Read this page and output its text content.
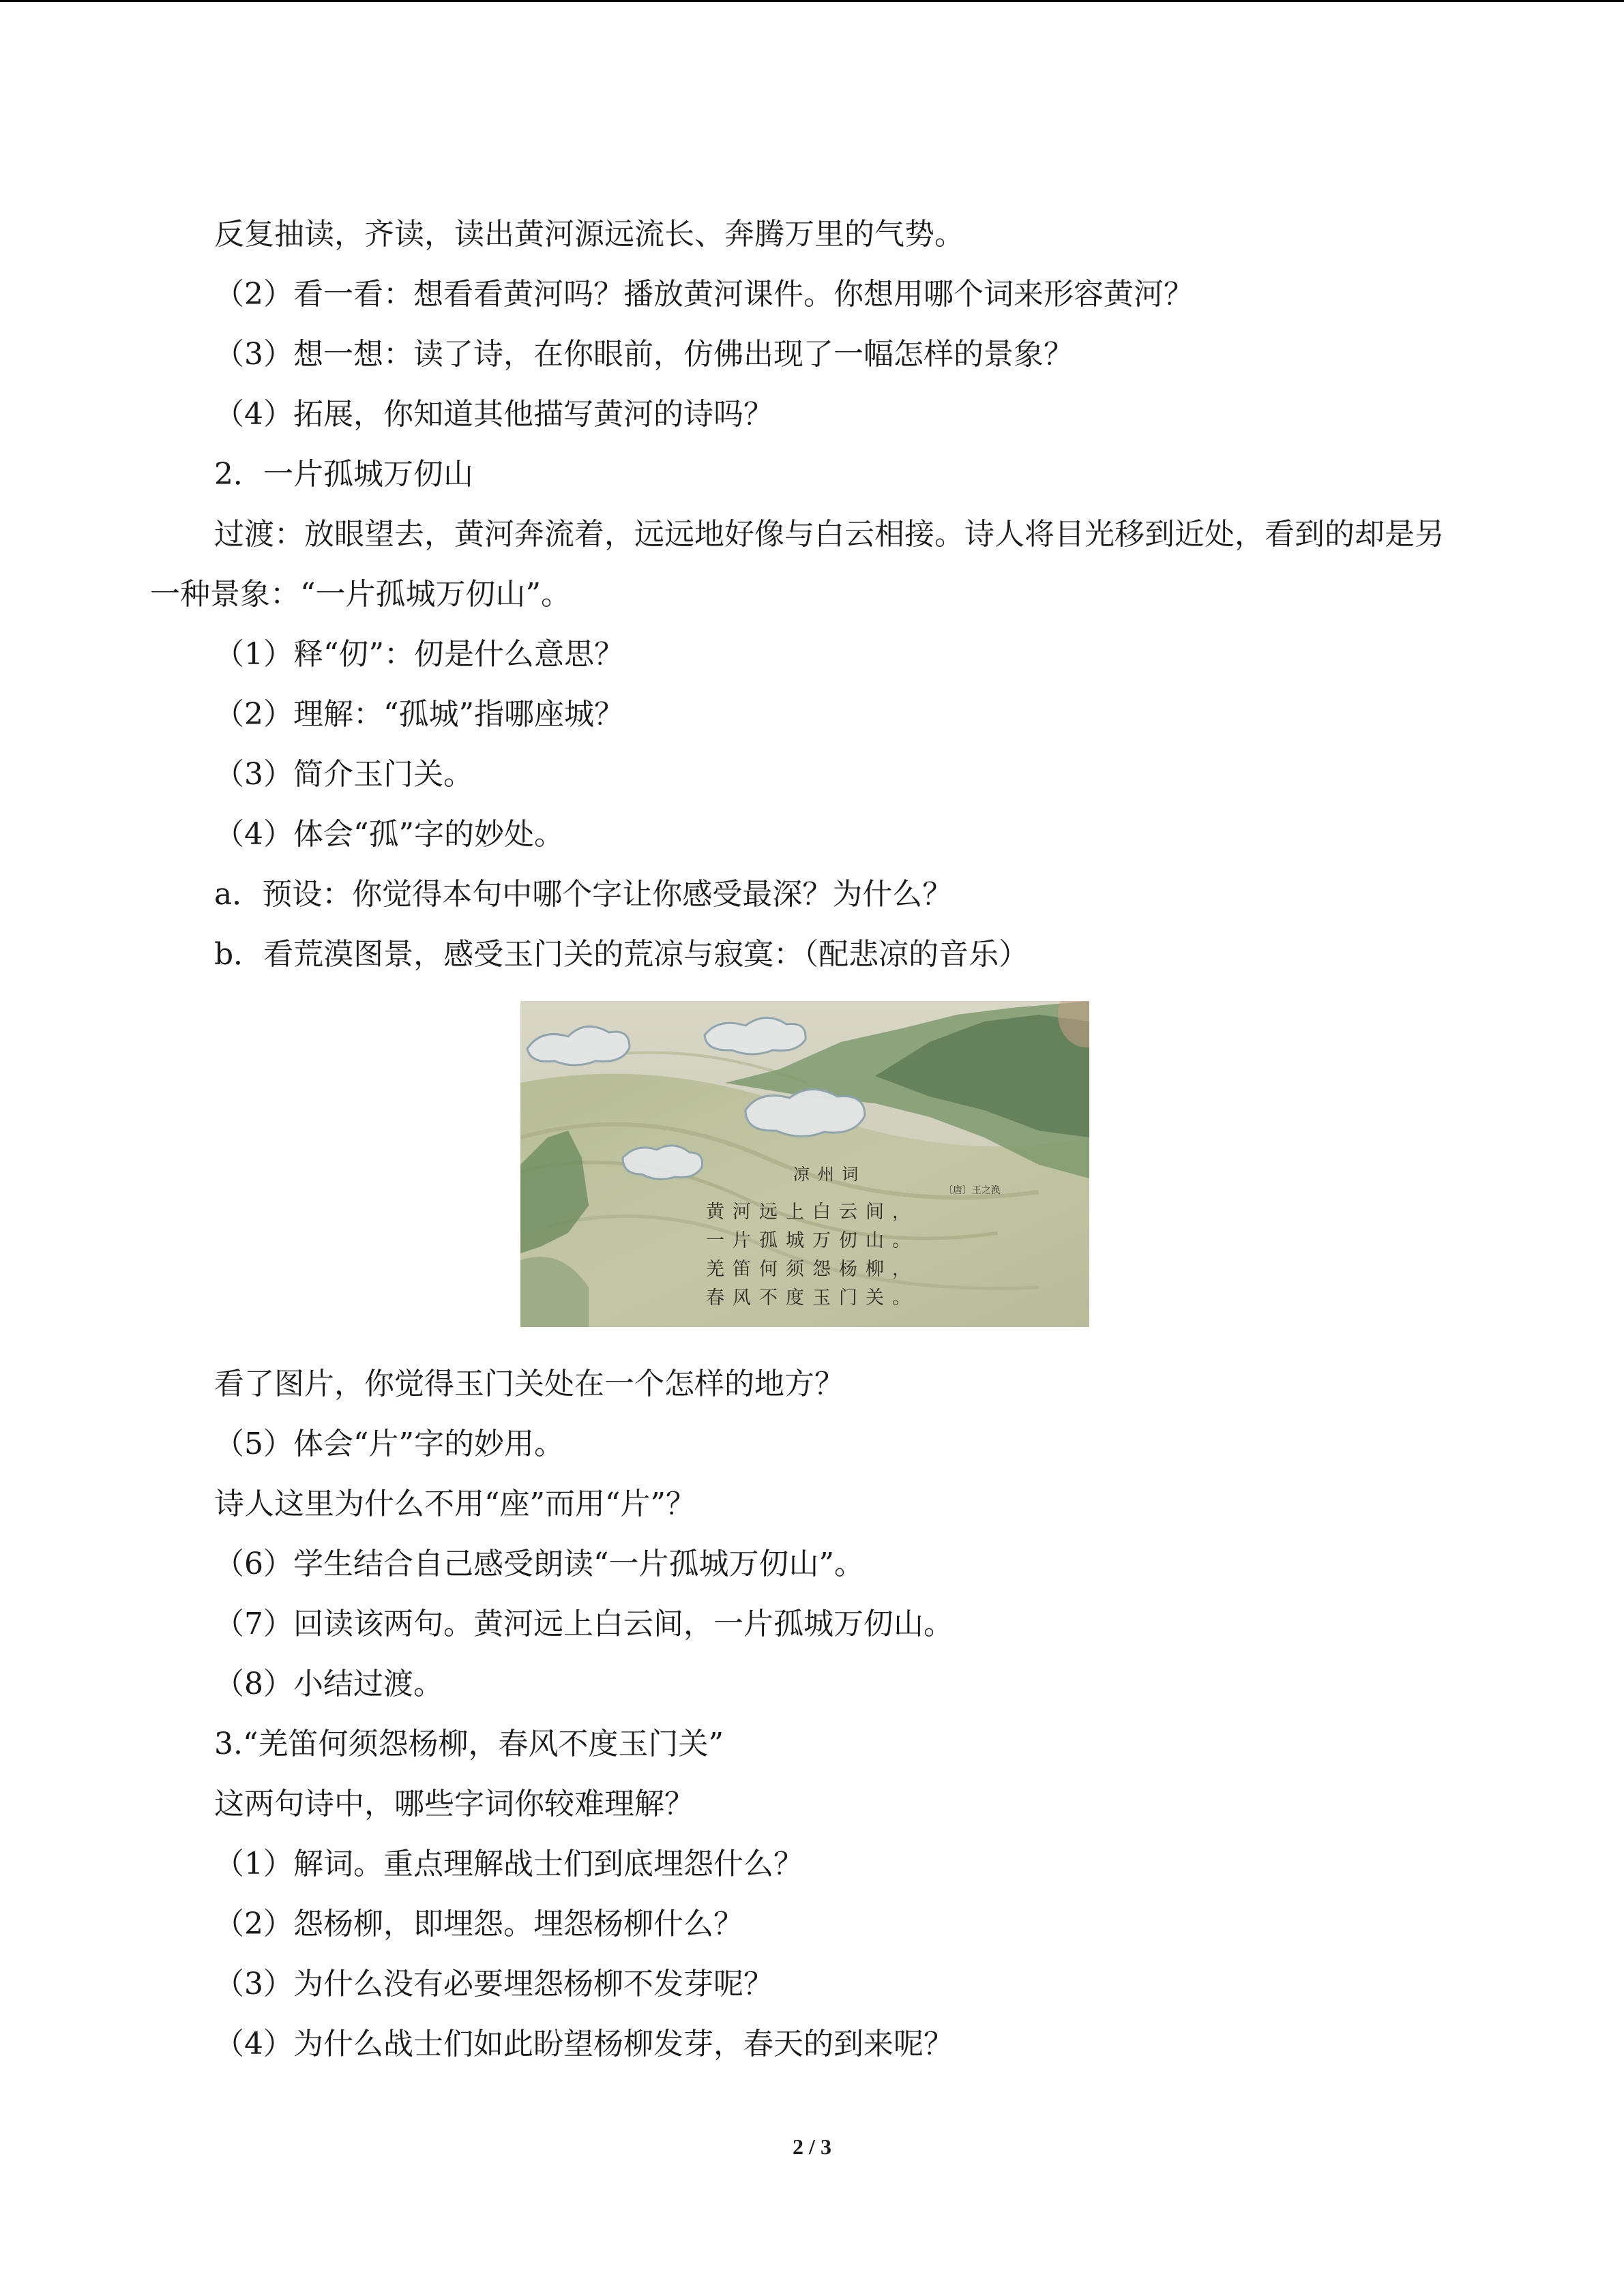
反复抽读，齐读，读出黄河源远流长、奔腾万里的气势。

（2）看一看：想看看黄河吗？播放黄河课件。你想用哪个词来形容黄河？

（3）想一想：读了诗，在你眼前，仿佛出现了一幅怎样的景象？

（4）拓展，你知道其他描写黄河的诗吗？

2．一片孤城万仞山

过渡：放眼望去，黄河奔流着，远远地好像与白云相接。诗人将目光移到近处，看到的却是另一种景象：“一片孤城万仞山”。

（1）释“仞”：仞是什么意思？

（2）理解：“孤城”指哪座城？

（3）简介玉门关。

（4）体会“孤”字的妙处。

a．预设：你觉得本句中哪个字让你感受最深？为什么？

b．看荒漠图景，感受玉门关的荒凉与寂寞：（配悲凉的音乐）

凉 州 词
〔唐〕王之涣
黄河远上白云间，
一片孤城万仞山。
羌笛何须怨杨柳，
春风不度玉门关。

看了图片，你觉得玉门关处在一个怎样的地方？

（5）体会“片”字的妙用。

诗人这里为什么不用“座”而用“片”？

（6）学生结合自己感受朗读“一片孤城万仞山”。

（7）回读该两句。黄河远上白云间，一片孤城万仞山。

（8）小结过渡。

3.“羌笛何须怨杨柳，春风不度玉门关”

这两句诗中，哪些字词你较难理解？

（1）解词。重点理解战士们到底埋怨什么？

（2）怨杨柳，即埋怨。埋怨杨柳什么？

（3）为什么没有必要埋怨杨柳不发芽呢？

（4）为什么战士们如此盼望杨柳发芽，春天的到来呢？

2 / 3
